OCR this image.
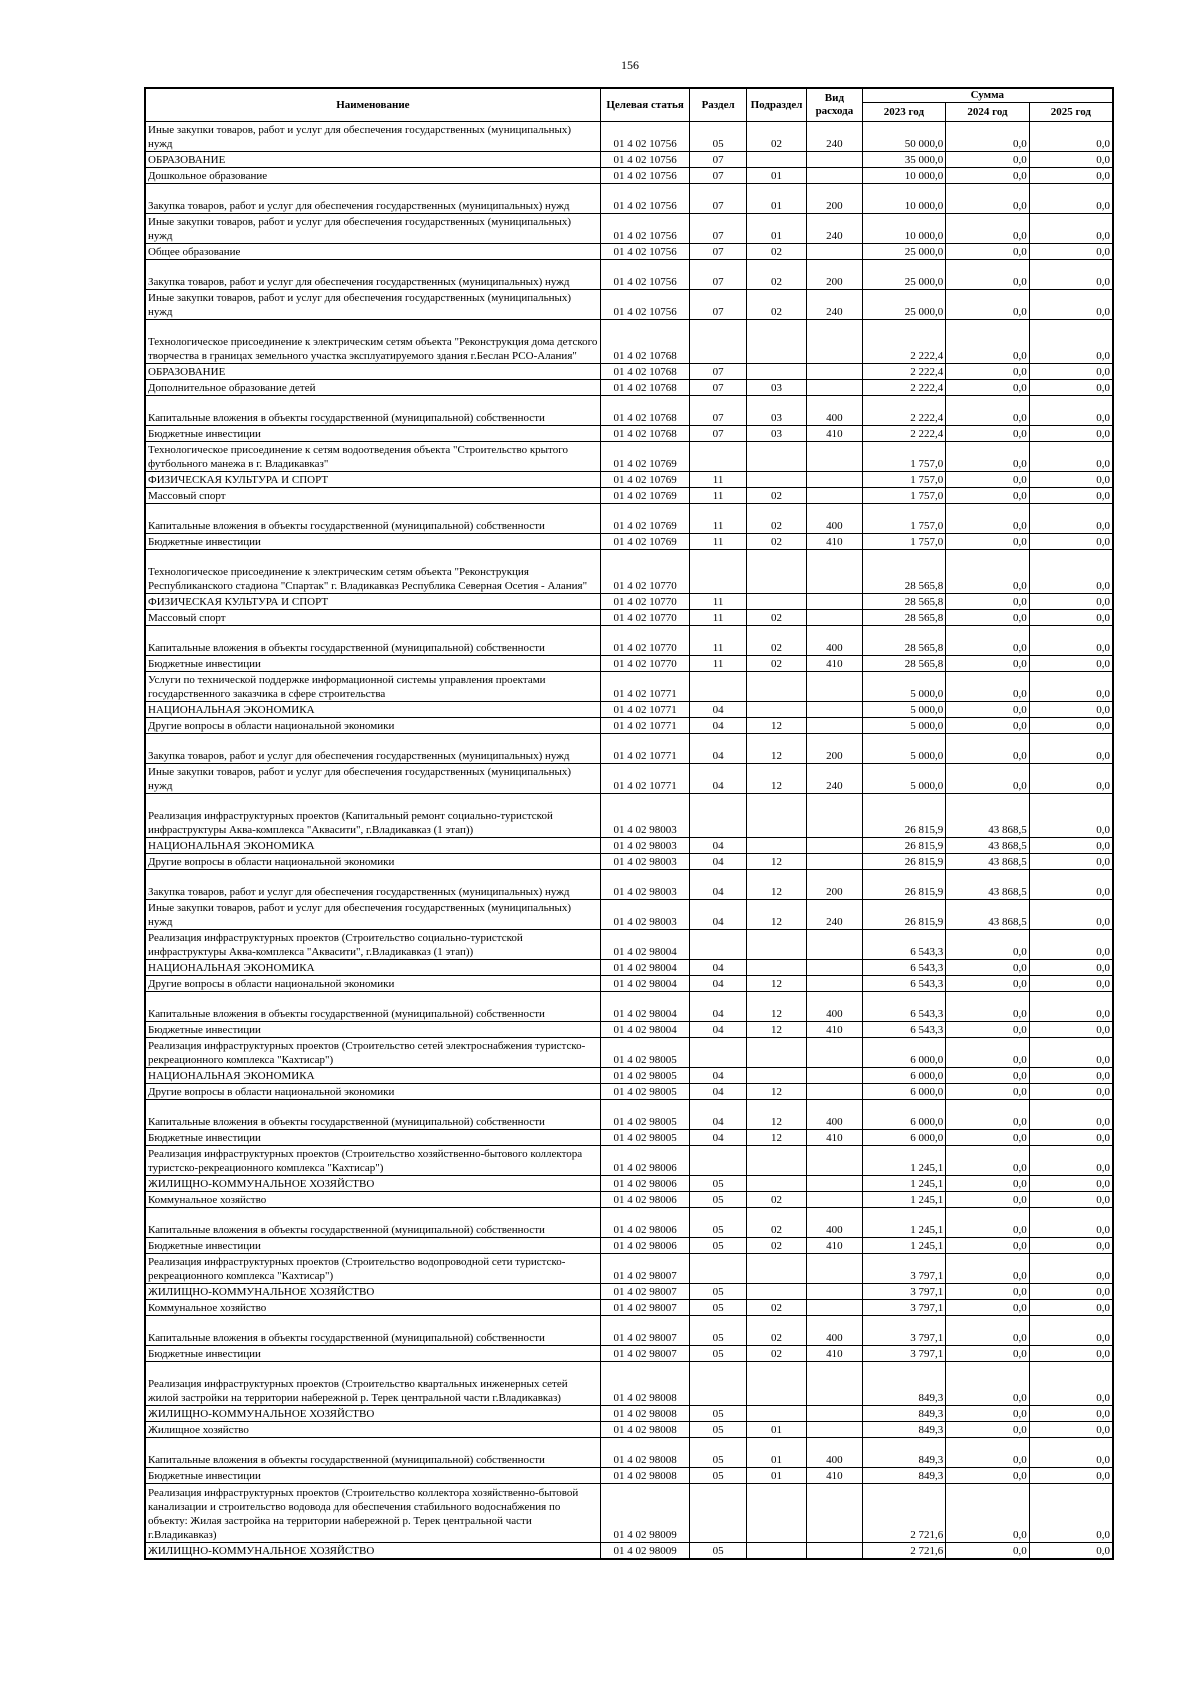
156
Наименование	Целевая статья	Раздел	Подраздел	Вид расхода	Сумма		
					2023 год	2024 год	2025 год
Иные закупки товаров, работ и услуг для обеспечения государственных (муниципальных) нужд	01 4 02 10756	05	02	240	50 000,0	0,0	0,0
ОБРАЗОВАНИЕ	01 4 02 10756	07			35 000,0	0,0	0,0
Дошкольное образование	01 4 02 10756	07	01		10 000,0	0,0	0,0
Закупка товаров, работ и услуг для обеспечения государственных (муниципальных) нужд	01 4 02 10756	07	01	200	10 000,0	0,0	0,0
Иные закупки товаров, работ и услуг для обеспечения государственных (муниципальных) нужд	01 4 02 10756	07	01	240	10 000,0	0,0	0,0
Общее образование	01 4 02 10756	07	02		25 000,0	0,0	0,0
Закупка товаров, работ и услуг для обеспечения государственных (муниципальных) нужд	01 4 02 10756	07	02	200	25 000,0	0,0	0,0
Иные закупки товаров, работ и услуг для обеспечения государственных (муниципальных) нужд	01 4 02 10756	07	02	240	25 000,0	0,0	0,0
Технологическое присоединение к электрическим сетям объекта "Реконструкция дома детского творчества в границах земельного участка эксплуатируемого здания г.Беслан РСО-Алания"	01 4 02 10768				2 222,4	0,0	0,0
ОБРАЗОВАНИЕ	01 4 02 10768	07			2 222,4	0,0	0,0
Дополнительное образование детей	01 4 02 10768	07	03		2 222,4	0,0	0,0
Капитальные вложения в объекты государственной (муниципальной) собственности	01 4 02 10768	07	03	400	2 222,4	0,0	0,0
Бюджетные инвестиции	01 4 02 10768	07	03	410	2 222,4	0,0	0,0
Технологическое присоединение к сетям водоотведения объекта "Строительство крытого футбольного манежа в г. Владикавказ"	01 4 02 10769				1 757,0	0,0	0,0
ФИЗИЧЕСКАЯ КУЛЬТУРА И СПОРТ	01 4 02 10769	11			1 757,0	0,0	0,0
Массовый спорт	01 4 02 10769	11	02		1 757,0	0,0	0,0
Капитальные вложения в объекты государственной (муниципальной) собственности	01 4 02 10769	11	02	400	1 757,0	0,0	0,0
Бюджетные инвестиции	01 4 02 10769	11	02	410	1 757,0	0,0	0,0
Технологическое присоединение к электрическим сетям объекта "Реконструкция Республиканского стадиона "Спартак" г. Владикавказ Республика Северная Осетия - Алания"	01 4 02 10770				28 565,8	0,0	0,0
ФИЗИЧЕСКАЯ КУЛЬТУРА И СПОРТ	01 4 02 10770	11			28 565,8	0,0	0,0
Массовый спорт	01 4 02 10770	11	02		28 565,8	0,0	0,0
Капитальные вложения в объекты государственной (муниципальной) собственности	01 4 02 10770	11	02	400	28 565,8	0,0	0,0
Бюджетные инвестиции	01 4 02 10770	11	02	410	28 565,8	0,0	0,0
Услуги по технической поддержке информационной системы управления проектами государственного заказчика в сфере строительства	01 4 02 10771				5 000,0	0,0	0,0
НАЦИОНАЛЬНАЯ ЭКОНОМИКА	01 4 02 10771	04			5 000,0	0,0	0,0
Другие вопросы в области национальной экономики	01 4 02 10771	04	12		5 000,0	0,0	0,0
Закупка товаров, работ и услуг для обеспечения государственных (муниципальных) нужд	01 4 02 10771	04	12	200	5 000,0	0,0	0,0
Иные закупки товаров, работ и услуг для обеспечения государственных (муниципальных) нужд	01 4 02 10771	04	12	240	5 000,0	0,0	0,0
Реализация инфраструктурных проектов (Капитальный ремонт социально-туристской инфраструктуры Аква-комплекса "Аквасити", г.Владикавказ (1 этап))	01 4 02 98003				26 815,9	43 868,5	0,0
НАЦИОНАЛЬНАЯ ЭКОНОМИКА	01 4 02 98003	04			26 815,9	43 868,5	0,0
Другие вопросы в области национальной экономики	01 4 02 98003	04	12		26 815,9	43 868,5	0,0
Закупка товаров, работ и услуг для обеспечения государственных (муниципальных) нужд	01 4 02 98003	04	12	200	26 815,9	43 868,5	0,0
Иные закупки товаров, работ и услуг для обеспечения государственных (муниципальных) нужд	01 4 02 98003	04	12	240	26 815,9	43 868,5	0,0
Реализация инфраструктурных проектов (Строительство социально-туристской инфраструктуры Аква-комплекса "Аквасити", г.Владикавказ (1 этап))	01 4 02 98004				6 543,3	0,0	0,0
НАЦИОНАЛЬНАЯ ЭКОНОМИКА	01 4 02 98004	04			6 543,3	0,0	0,0
Другие вопросы в области национальной экономики	01 4 02 98004	04	12		6 543,3	0,0	0,0
Капитальные вложения в объекты государственной (муниципальной) собственности	01 4 02 98004	04	12	400	6 543,3	0,0	0,0
Бюджетные инвестиции	01 4 02 98004	04	12	410	6 543,3	0,0	0,0
Реализация инфраструктурных проектов (Строительство сетей электроснабжения туристско-рекреационного комплекса "Кахтисар")	01 4 02 98005				6 000,0	0,0	0,0
НАЦИОНАЛЬНАЯ ЭКОНОМИКА	01 4 02 98005	04			6 000,0	0,0	0,0
Другие вопросы в области национальной экономики	01 4 02 98005	04	12		6 000,0	0,0	0,0
Капитальные вложения в объекты государственной (муниципальной) собственности	01 4 02 98005	04	12	400	6 000,0	0,0	0,0
Бюджетные инвестиции	01 4 02 98005	04	12	410	6 000,0	0,0	0,0
Реализация инфраструктурных проектов (Строительство хозяйственно-бытового коллектора туристско-рекреационного комплекса "Кахтисар")	01 4 02 98006				1 245,1	0,0	0,0
ЖИЛИЩНО-КОММУНАЛЬНОЕ ХОЗЯЙСТВО	01 4 02 98006	05			1 245,1	0,0	0,0
Коммунальное хозяйство	01 4 02 98006	05	02		1 245,1	0,0	0,0
Капитальные вложения в объекты государственной (муниципальной) собственности	01 4 02 98006	05	02	400	1 245,1	0,0	0,0
Бюджетные инвестиции	01 4 02 98006	05	02	410	1 245,1	0,0	0,0
Реализация инфраструктурных проектов (Строительство водопроводной сети туристско-рекреационного комплекса "Кахтисар")	01 4 02 98007				3 797,1	0,0	0,0
ЖИЛИЩНО-КОММУНАЛЬНОЕ ХОЗЯЙСТВО	01 4 02 98007	05			3 797,1	0,0	0,0
Коммунальное хозяйство	01 4 02 98007	05	02		3 797,1	0,0	0,0
Капитальные вложения в объекты государственной (муниципальной) собственности	01 4 02 98007	05	02	400	3 797,1	0,0	0,0
Бюджетные инвестиции	01 4 02 98007	05	02	410	3 797,1	0,0	0,0
Реализация инфраструктурных проектов (Строительство квартальных инженерных сетей жилой застройки на территории набережной р. Терек центральной части г.Владикавказ)	01 4 02 98008				849,3	0,0	0,0
ЖИЛИЩНО-КОММУНАЛЬНОЕ ХОЗЯЙСТВО	01 4 02 98008	05			849,3	0,0	0,0
Жилищное хозяйство	01 4 02 98008	05	01		849,3	0,0	0,0
Капитальные вложения в объекты государственной (муниципальной) собственности	01 4 02 98008	05	01	400	849,3	0,0	0,0
Бюджетные инвестиции	01 4 02 98008	05	01	410	849,3	0,0	0,0
Реализация инфраструктурных проектов (Строительство коллектора хозяйственно-бытовой канализации и строительство водовода для обеспечения стабильного водоснабжения по объекту: Жилая застройка на территории набережной р. Терек центральной части г.Владикавказ)	01 4 02 98009				2 721,6	0,0	0,0
ЖИЛИЩНО-КОММУНАЛЬНОЕ ХОЗЯЙСТВО	01 4 02 98009	05			2 721,6	0,0	0,0
